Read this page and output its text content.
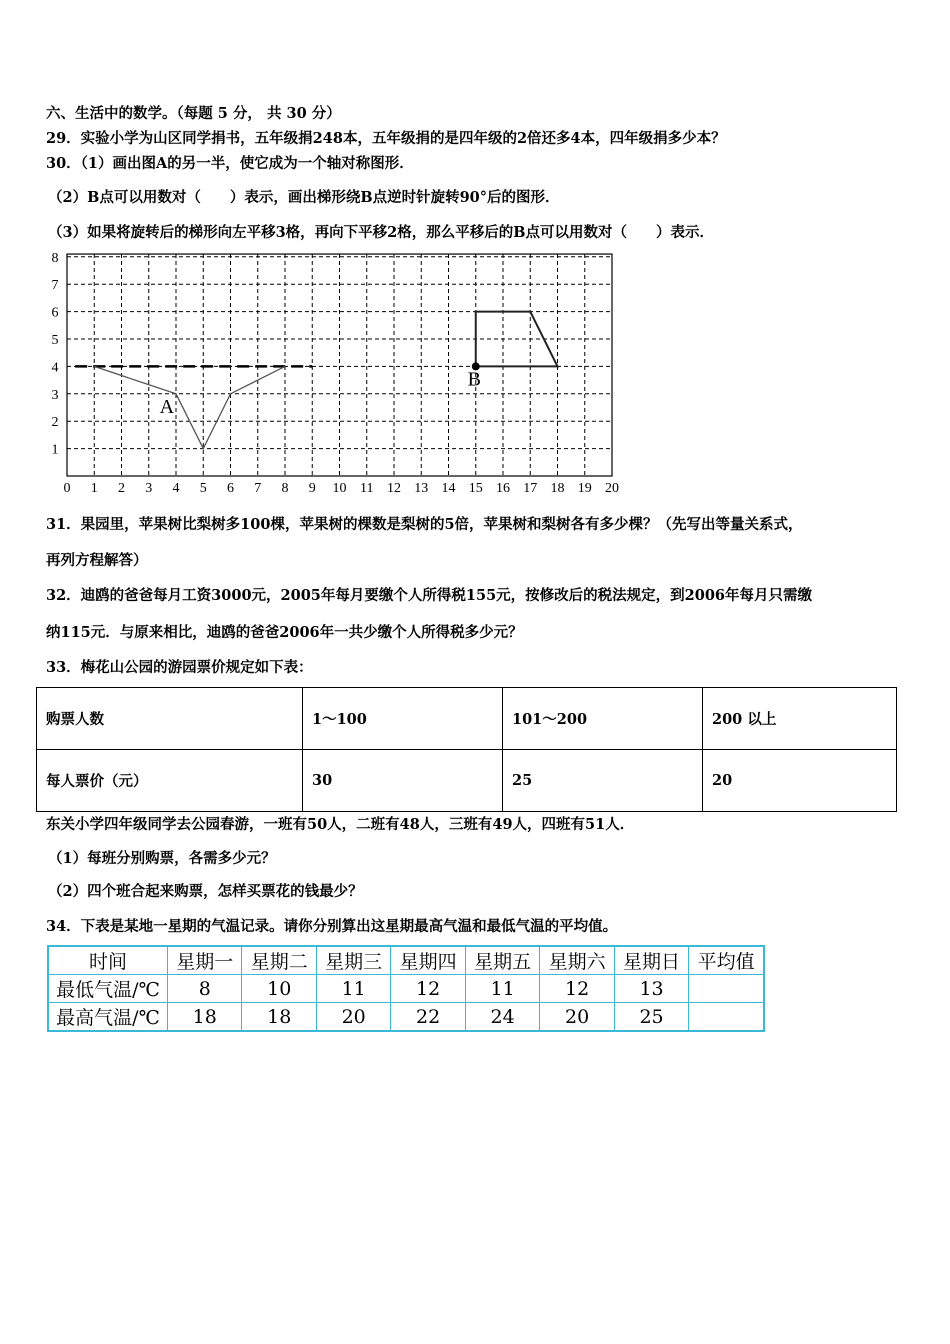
六、生活中的数学。（每题 5 分， 共 30 分）
29．实验小学为山区同学捐书，五年级捐248本，五年级捐的是四年级的2倍还多4本，四年级捐多少本？
30．（1）画出图A的另一半，使它成为一个轴对称图形．
（2）B点可以用数对（　　）表示，画出梯形绕B点逆时针旋转90°后的图形．
（3）如果将旋转后的梯形向左平移3格，再向下平移2格，那么平移后的B点可以用数对（　　）表示．
0 1 2 3 4 5 6 7 8 9 10 11 12 13 14 15 16 17 18 19 20
1
2
3
4
5
6
7
8
A
B
31．果园里，苹果树比梨树多100棵，苹果树的棵数是梨树的5倍，苹果树和梨树各有多少棵？（先写出等量关系式，
再列方程解答）
32．迪鸥的爸爸每月工资3000元，2005年每月要缴个人所得税155元，按修改后的税法规定，到2006年每月只需缴
纳115元．与原来相比，迪鸥的爸爸2006年一共少缴个人所得税多少元？
33．梅花山公园的游园票价规定如下表：
购票人数	1～100	101～200	200 以上
每人票价（元）	30	25	20
东关小学四年级同学去公园春游，一班有50人，二班有48人，三班有49人，四班有51人．
（1）每班分别购票，各需多少元？
（2）四个班合起来购票，怎样买票花的钱最少？
34．下表是某地一星期的气温记录。请你分别算出这星期最高气温和最低气温的平均值。
时间	星期一	星期二	星期三	星期四	星期五	星期六	星期日	平均值
最低气温/℃	8	10	11	12	11	12	13	
最高气温/℃	18	18	20	22	24	20	25	
